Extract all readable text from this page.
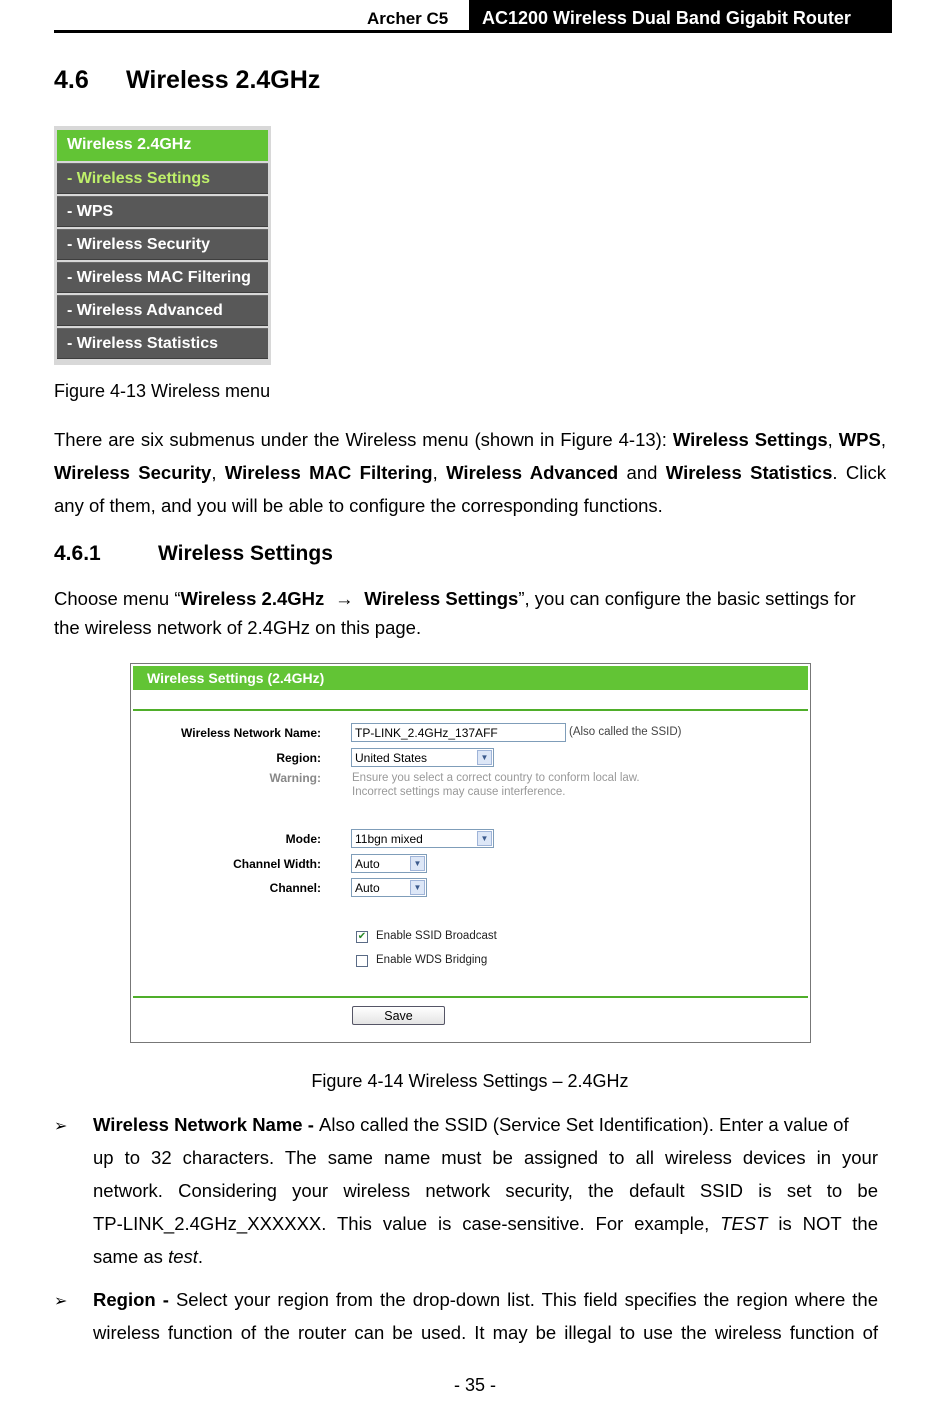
Archer C5	AC1200 Wireless Dual Band Gigabit Router
4.6 Wireless 2.4GHz
Wireless 2.4GHz
- Wireless Settings
- WPS
- Wireless Security
- Wireless MAC Filtering
- Wireless Advanced
- Wireless Statistics
Figure 4-13 Wireless menu
There are six submenus under the Wireless menu (shown in Figure 4-13): Wireless Settings, WPS, Wireless Security, Wireless MAC Filtering, Wireless Advanced and Wireless Statistics. Click any of them, and you will be able to configure the corresponding functions.
4.6.1	Wireless Settings
Choose menu “Wireless 2.4GHz → Wireless Settings”, you can configure the basic settings for
the wireless network of 2.4GHz on this page.
Wireless Settings (2.4GHz)
Wireless Network Name:	TP-LINK_2.4GHz_137AFF	(Also called the SSID)
Region:	United States	▼
Warning:	Ensure you select a correct country to conform local law.
Incorrect settings may cause interference.
Mode:	11bgn mixed	▼
Channel Width:	Auto	▼
Channel:	Auto	▼
✔ Enable SSID Broadcast
Enable WDS Bridging
Save
Figure 4-14 Wireless Settings – 2.4GHz
➢ Wireless Network Name - Also called the SSID (Service Set Identification). Enter a value of
up to 32 characters. The same name must be assigned to all wireless devices in your
network. Considering your wireless network security, the default SSID is set to be
TP-LINK_2.4GHz_XXXXXX. This value is case-sensitive. For example, TEST is NOT the
same as test.
➢ Region - Select your region from the drop-down list. This field specifies the region where the
wireless function of the router can be used. It may be illegal to use the wireless function of
- 35 -
